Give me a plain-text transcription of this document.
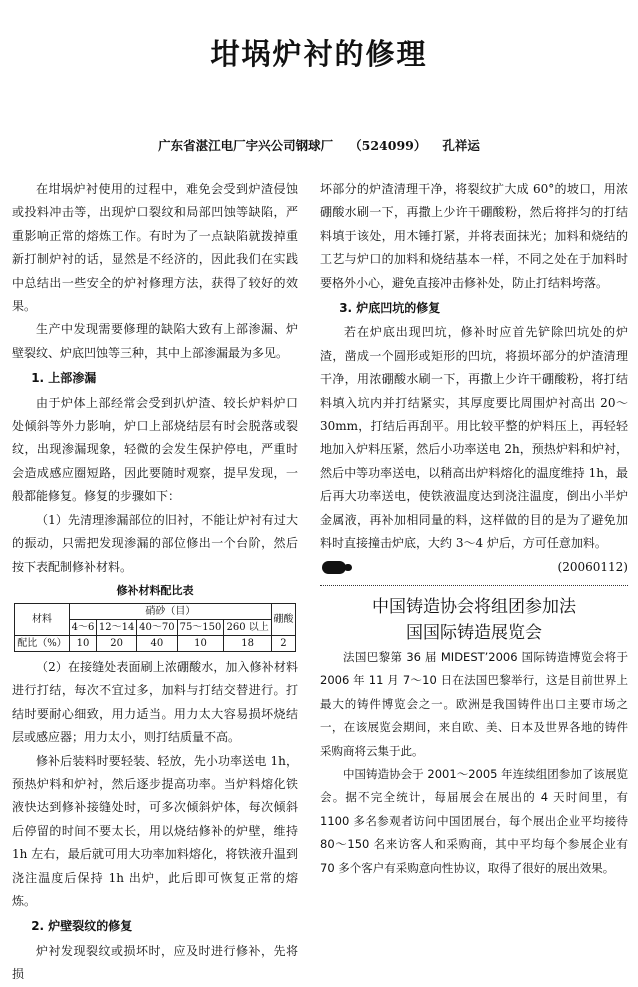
坩埚炉衬的修理
广东省湛江电厂宇兴公司钢球厂 （524099） 孔祥运

在坩埚炉衬使用的过程中，难免会受到炉渣侵蚀或投料冲击等，出现炉口裂纹和局部凹蚀等缺陷，严重影响正常的熔炼工作。有时为了一点缺陷就拨掉重新打制炉衬的话，显然是不经济的，因此我们在实践中总结出一些安全的炉衬修理方法，获得了较好的效果。

生产中发现需要修理的缺陷大致有上部渗漏、炉壁裂纹、炉底凹蚀等三种，其中上部渗漏最为多见。

1. 上部渗漏

由于炉体上部经常会受到扒炉渣、较长炉料炉口处倾斜等外力影响，炉口上部烧结层有时会脱落或裂纹，出现渗漏现象，轻微的会发生保护停电，严重时会造成感应圈短路，因此要随时观察，提早发现，一般都能修复。修复的步骤如下：

（1）先清理渗漏部位的旧衬，不能让炉衬有过大的振动，只需把发现渗漏的部位修出一个台阶，然后按下表配制修补材料。

修补材料配比表
材料	硝砂（目）					硼酸
	4～6	12～14	40～70	75～150	260 以上	
配比（%）	10	20	40	10	18	2

（2）在接缝处表面刷上浓硼酸水，加入修补材料进行打结，每次不宜过多，加料与打结交替进行。打结时要耐心细致，用力适当。用力太大容易损坏烧结层或感应器；用力太小，则打结质量不高。

修补后装料时要轻装、轻放，先小功率送电 1h，预热炉料和炉衬，然后逐步提高功率。当炉料熔化铁液快达到修补接缝处时，可多次倾斜炉体，每次倾斜后停留的时间不要太长，用以烧结修补的炉壁，维持 1h 左右，最后就可用大功率加料熔化，将铁液升温到浇注温度后保持 1h 出炉，此后即可恢复正常的熔炼。

2. 炉壁裂纹的修复

炉衬发现裂纹或损坏时，应及时进行修补，先将损

坏部分的炉渣清理干净，将裂纹扩大成 60°的坡口，用浓硼酸水刷一下，再撒上少许干硼酸粉，然后将拌匀的打结料填于该处，用木锤打紧，并将表面抹光；加料和烧结的工艺与炉口的加料和烧结基本一样，不同之处在于加料时要格外小心，避免直接冲击修补处，防止打结料垮落。

3. 炉底凹坑的修复

若在炉底出现凹坑，修补时应首先铲除凹坑处的炉渣，凿成一个圆形或矩形的凹坑，将损坏部分的炉渣清理干净，用浓硼酸水刷一下，再撒上少许干硼酸粉，将打结料填入坑内并打结紧实，其厚度要比周围炉衬高出 20～30mm，打结后再刮平。用比较平整的炉料压上，再轻轻地加入炉料压紧，然后小功率送电 2h，预热炉料和炉衬，然后中等功率送电，以稍高出炉料熔化的温度维持 1h，最后再大功率送电，使铁液温度达到浇注温度，倒出小半炉金属液，再补加相同量的料，这样做的目的是为了避免加料时直接撞击炉底，大约 3～4 炉后，方可任意加料。

(20060112)
中国铸造协会将组团参加法
国国际铸造展览会

法国巴黎第 36 届 MIDEST’2006 国际铸造博览会将于 2006 年 11 月 7～10 日在法国巴黎举行，这是目前世界上最大的铸件博览会之一。欧洲是我国铸件出口主要市场之一，在该展览会期间，来自欧、美、日本及世界各地的铸件采购商将云集于此。

中国铸造协会于 2001～2005 年连续组团参加了该展览会。据不完全统计，每届展会在展出的 4 天时间里，有 1100 多名参观者访问中国团展台，每个展出企业平均接待 80～150 名来访客人和采购商，其中平均每个参展企业有 70 多个客户有采购意向性协议，取得了很好的展出效果。
